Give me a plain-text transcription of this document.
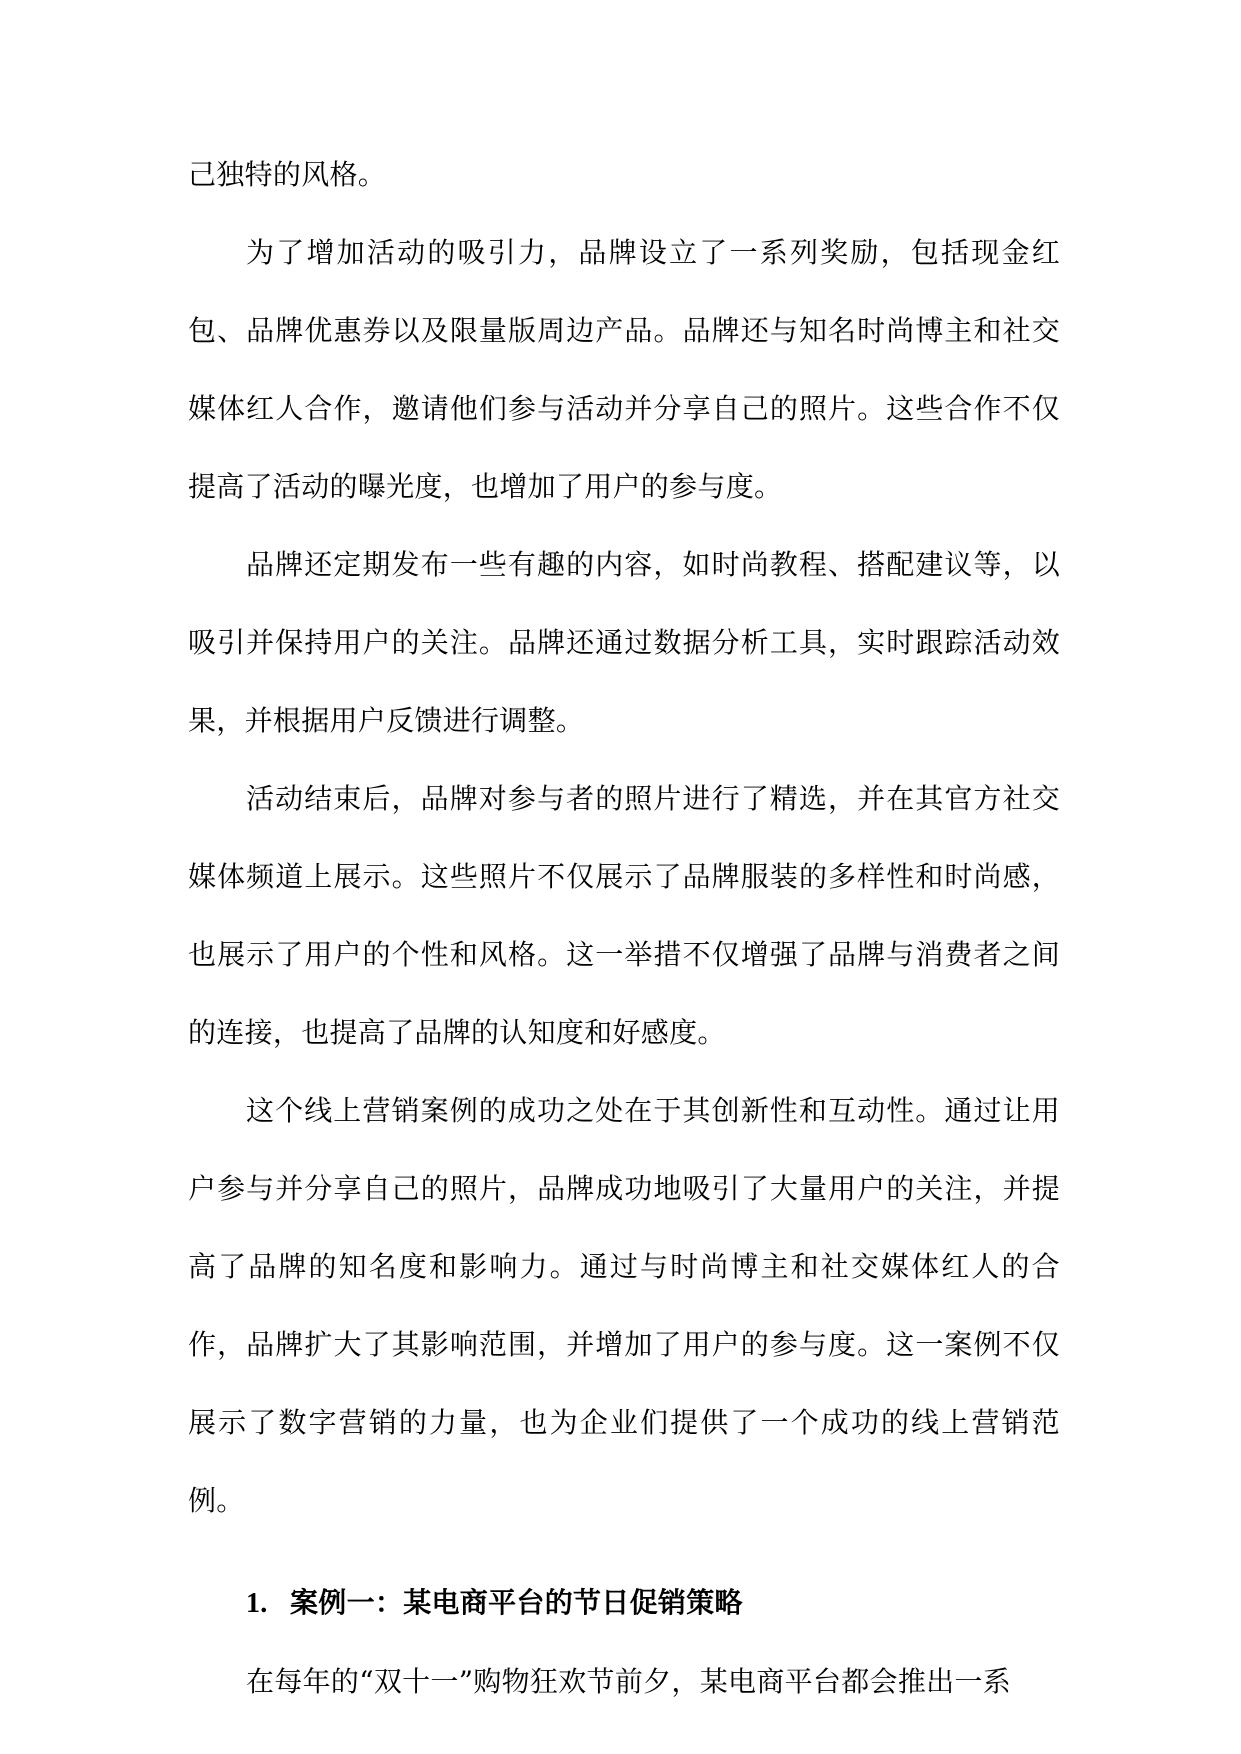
己独特的风格。

为了增加活动的吸引力，品牌设立了一系列奖励，包括现金红包、品牌优惠券以及限量版周边产品。品牌还与知名时尚博主和社交媒体红人合作，邀请他们参与活动并分享自己的照片。这些合作不仅提高了活动的曝光度，也增加了用户的参与度。

品牌还定期发布一些有趣的内容，如时尚教程、搭配建议等，以吸引并保持用户的关注。品牌还通过数据分析工具，实时跟踪活动效果，并根据用户反馈进行调整。

活动结束后，品牌对参与者的照片进行了精选，并在其官方社交媒体频道上展示。这些照片不仅展示了品牌服装的多样性和时尚感，也展示了用户的个性和风格。这一举措不仅增强了品牌与消费者之间的连接，也提高了品牌的认知度和好感度。

这个线上营销案例的成功之处在于其创新性和互动性。通过让用户参与并分享自己的照片，品牌成功地吸引了大量用户的关注，并提高了品牌的知名度和影响力。通过与时尚博主和社交媒体红人的合作，品牌扩大了其影响范围，并增加了用户的参与度。这一案例不仅展示了数字营销的力量，也为企业们提供了一个成功的线上营销范例。

1. 案例一：某电商平台的节日促销策略

在每年的“双十一”购物狂欢节前夕，某电商平台都会推出一系
